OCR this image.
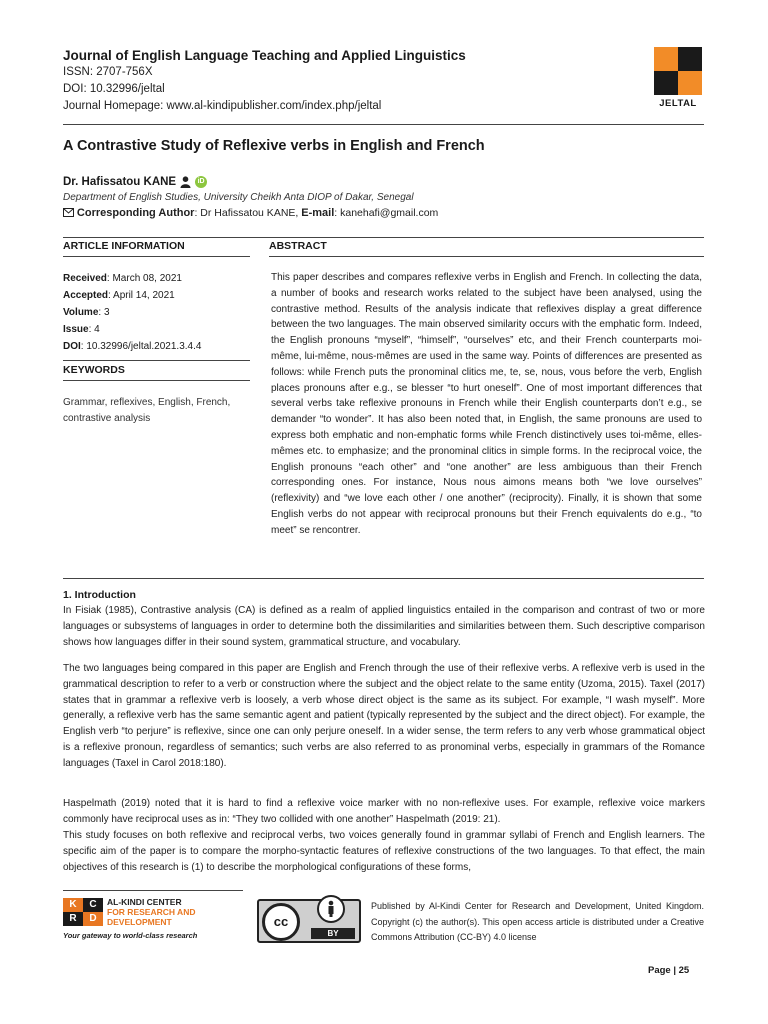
Journal of English Language Teaching and Applied Linguistics
ISSN: 2707-756X
DOI: 10.32996/jeltal
Journal Homepage: www.al-kindipublisher.com/index.php/jeltal	JELTAL
A Contrastive Study of Reflexive verbs in English and French
Dr. Hafissatou KANE	iD
Department of English Studies, University Cheikh Anta DIOP of Dakar, Senegal
Corresponding Author: Dr Hafissatou KANE, E-mail: kanehafi@gmail.com
ARTICLE INFORMATION	ABSTRACT
Received: March 08, 2021
Accepted: April 14, 2021
Volume: 3
Issue: 4
DOI: 10.32996/jeltal.2021.3.4.4
KEYWORDS
Grammar, reflexives, English, French, contrastive analysis
This paper describes and compares reflexive verbs in English and French. In collecting the data, a number of books and research works related to the subject have been analysed, using the contrastive method. Results of the analysis indicate that reflexives display a great difference between the two languages. The main observed similarity occurs with the emphatic form. Indeed, the English pronouns “myself”, “himself”, “ourselves” etc, and their French counterparts moi-même, lui-même, nous-mêmes are used in the same way. Points of differences are presented as follows: while French puts the pronominal clitics me, te, se, nous, vous before the verb, English places pronouns after e.g., se blesser “to hurt oneself”. One of most important differences that several verbs take reflexive pronouns in French while their English counterparts don’t e.g., se demander “to wonder”. It has also been noted that, in English, the same pronouns are used to express both emphatic and non-emphatic forms while French distinctively uses toi-même, elles- mêmes etc. to emphasize; and the pronominal clitics in simple forms. In the reciprocal voice, the English pronouns “each other” and “one another” are less ambiguous than their French corresponding ones. For instance, Nous nous aimons means both “we love ourselves” (reflexivity) and “we love each other / one another” (reciprocity). Finally, it is shown that some English verbs do not appear with reciprocal pronouns but their French equivalents do e.g., “to meet” se rencontrer.
1. Introduction
In Fisiak (1985), Contrastive analysis (CA) is defined as a realm of applied linguistics entailed in the comparison and contrast of two or more languages or subsystems of languages in order to determine both the dissimilarities and similarities between them. Such descriptive comparison shows how languages differ in their sound system, grammatical structure, and vocabulary.
The two languages being compared in this paper are English and French through the use of their reflexive verbs. A reflexive verb is used in the grammatical description to refer to a verb or construction where the subject and the object relate to the same entity (Uzoma, 2015). Taxel (2017) states that in grammar a reflexive verb is loosely, a verb whose direct object is the same as its subject. For example, “I wash myself”. More generally, a reflexive verb has the same semantic agent and patient (typically represented by the subject and the direct object). For example, the English verb “to perjure” is reflexive, since one can only perjure oneself. In a wider sense, the term refers to any verb whose grammatical object is a reflexive pronoun, regardless of semantics; such verbs are also referred to as pronominal verbs, especially in grammars of the Romance languages (Taxel in Carol 2018:180).
Haspelmath (2019) noted that it is hard to find a reflexive voice marker with no non-reflexive uses. For example, reflexive voice markers commonly have reciprocal uses as in: “They two collided with one another” Haspelmath (2019: 21).
This study focuses on both reflexive and reciprocal verbs, two voices generally found in grammar syllabi of French and English learners. The specific aim of the paper is to compare the morpho-syntactic features of reflexive constructions of the two languages. To that effect, the main objectives of this research is (1) to describe the morphological configurations of these forms,
K	C
R	D
AL-KINDI CENTER
FOR RESEARCH AND
DEVELOPMENT
Your gateway to world-class research
cc
BY
Published by Al-Kindi Center for Research and Development, United Kingdom. Copyright (c) the author(s). This open access article is distributed under a Creative Commons Attribution (CC-BY) 4.0 license
Page | 25
